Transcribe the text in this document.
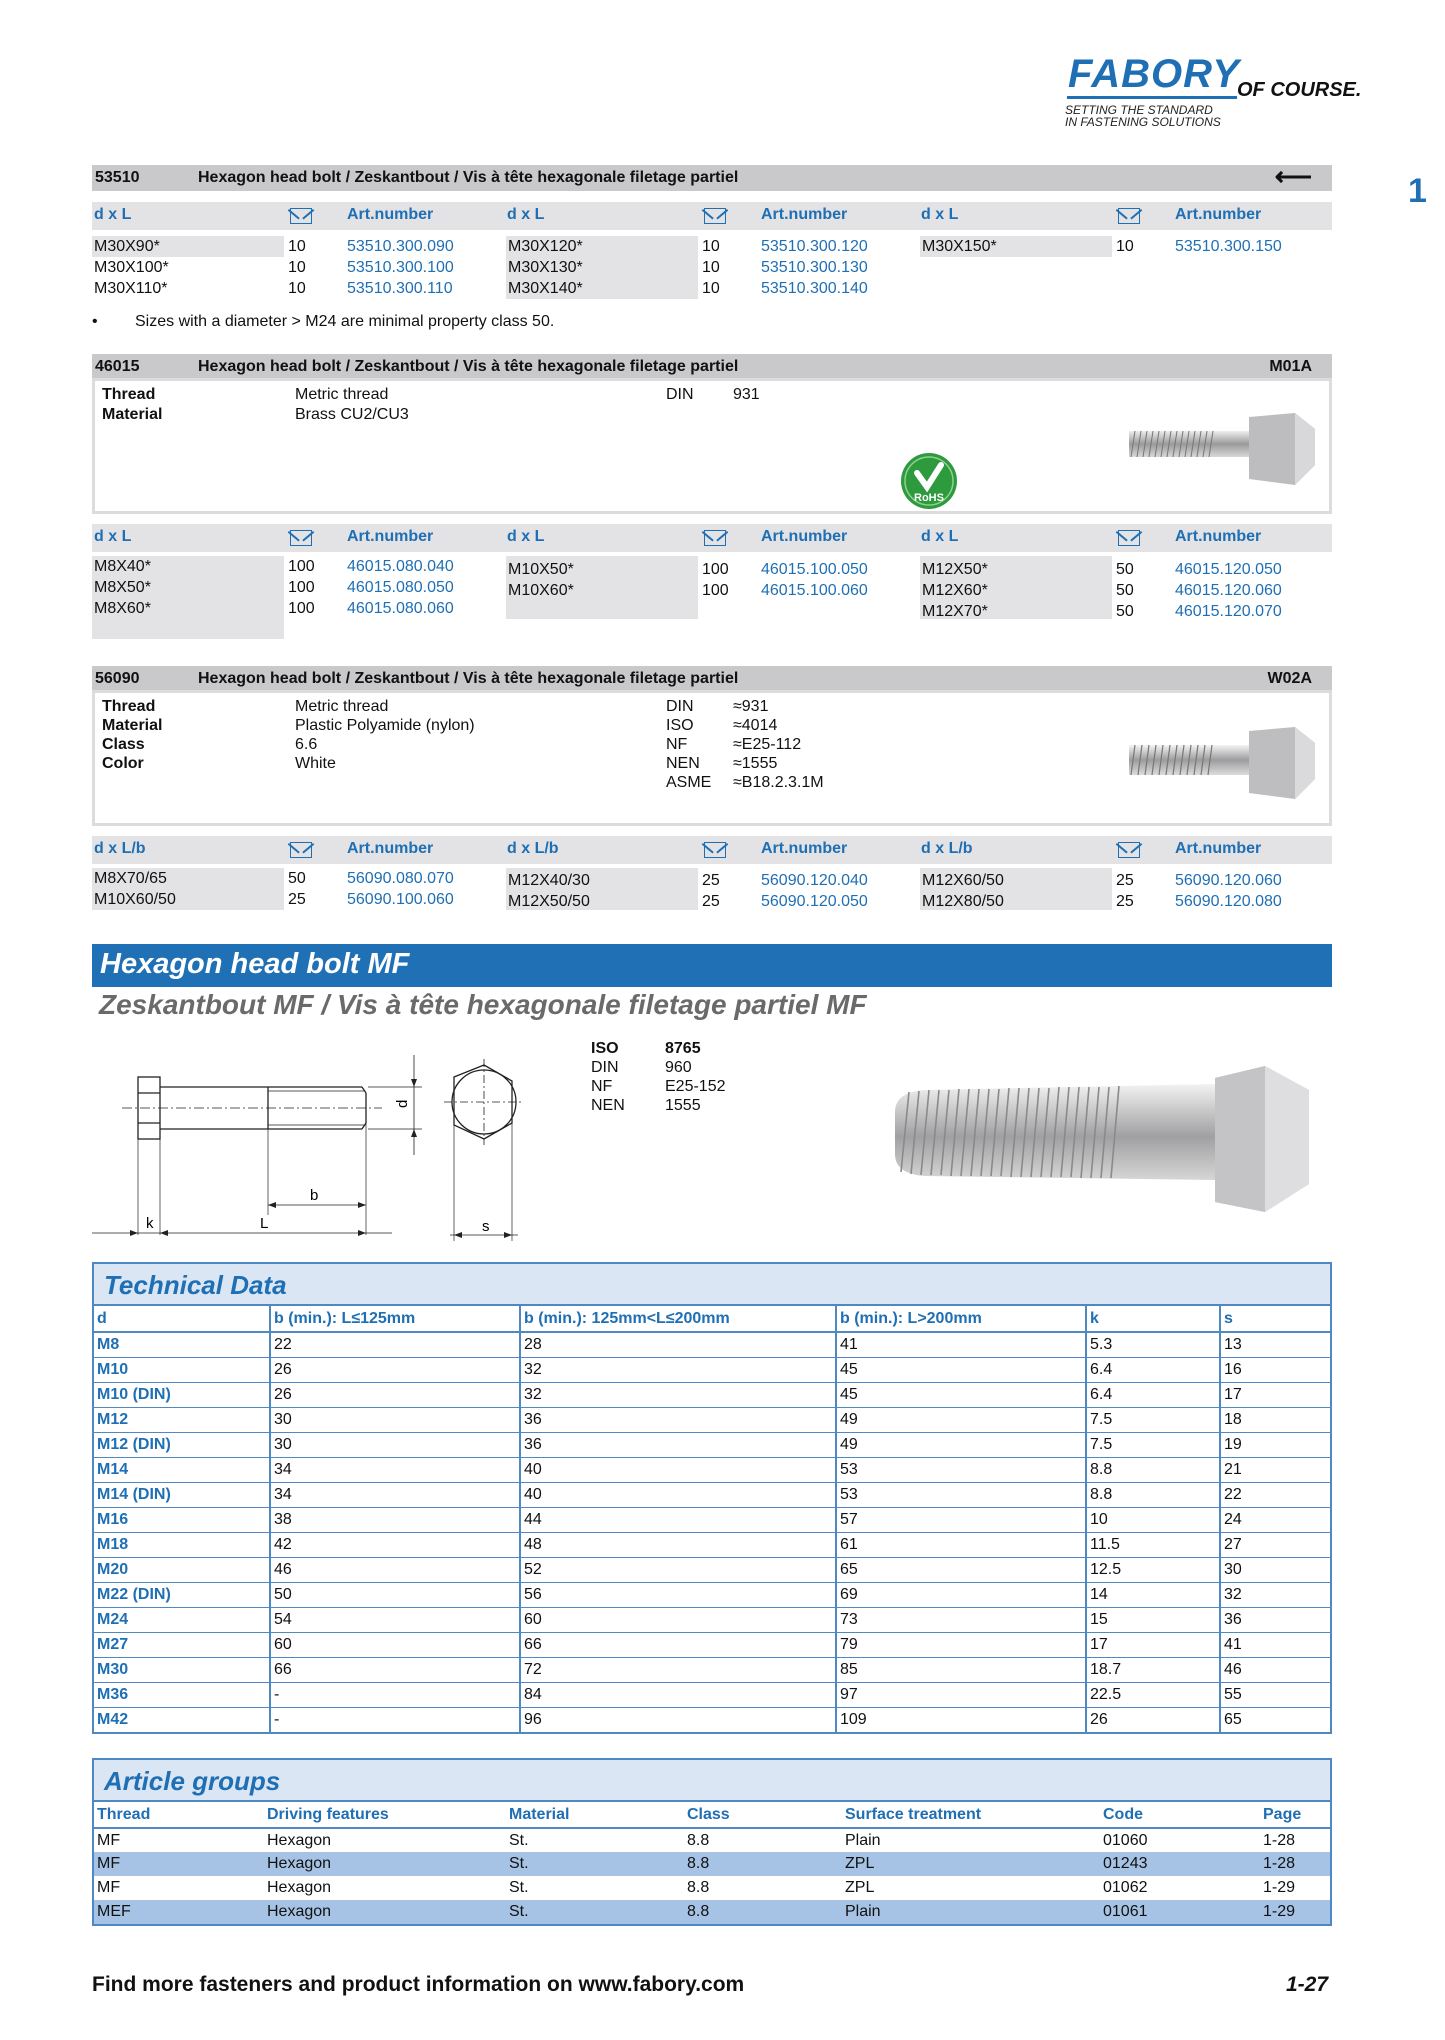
FABORY
OF COURSE.
SETTING THE STANDARD
IN FASTENING SOLUTIONS
1
53510	Hexagon head bolt / Zeskantbout / Vis à tête hexagonale filetage partiel	⟵
d x L	Art.number	d x L	Art.number	d x L	Art.number
M30X90*	10	53510.300.090
M30X100*	10	53510.300.100
M30X110*	10	53510.300.110
M30X120*	10	53510.300.120
M30X130*	10	53510.300.130
M30X140*	10	53510.300.140
M30X150*	10	53510.300.150
• Sizes with a diameter > M24 are minimal property class 50.
46015	Hexagon head bolt / Zeskantbout / Vis à tête hexagonale filetage partiel	M01A
Thread	Metric thread
Material	Brass CU2/CU3
DIN 931
RoHS
d x L	Art.number	d x L	Art.number	d x L	Art.number
M8X40*	100 46015.080.040
M8X50*	100 46015.080.050
M8X60*	100 46015.080.060
M10X50*	100 46015.100.050
M10X60*	100 46015.100.060
M12X50*	50	46015.120.050
M12X60*	50	46015.120.060
M12X70*	50	46015.120.070
56090	Hexagon head bolt / Zeskantbout / Vis à tête hexagonale filetage partiel	W02A
Thread	Metric thread
Material	Plastic Polyamide (nylon)
Class	6.6
Color	White
DIN ≈931
ISO ≈4014
NF	≈E25-112
NEN ≈1555
ASME ≈B18.2.3.1M
d x L/b	Art.number	d x L/b	Art.number	d x L/b	Art.number
M8X70/65	50	56090.080.070
M10X60/50	25	56090.100.060
M12X40/30	25	56090.120.040
M12X50/50	25	56090.120.050
M12X60/50	25	56090.120.060
M12X80/50	25	56090.120.080
Hexagon head bolt MF
Zeskantbout MF / Vis à tête hexagonale filetage partiel MF
b
k	L
d
s
ISO	8765
DIN	960
NF	E25-152
NEN	1555
Technical Data
d	b (min.): L≤125mm	b (min.): 125mm<L≤200mm	b (min.): L>200mm	k	s
M8	22	28	41	5.3	13
M10	26	32	45	6.4	16
M10 (DIN)	26	32	45	6.4	17
M12	30	36	49	7.5	18
M12 (DIN)	30	36	49	7.5	19
M14	34	40	53	8.8	21
M14 (DIN)	34	40	53	8.8	22
M16	38	44	57	10	24
M18	42	48	61	11.5	27
M20	46	52	65	12.5	30
M22 (DIN)	50	56	69	14	32
M24	54	60	73	15	36
M27	60	66	79	17	41
M30	66	72	85	18.7	46
M36	-	84	97	22.5	55
M42	-	96	109	26	65
Article groups
Thread	Driving features	Material	Class	Surface treatment	Code	Page
MF	Hexagon	St.	8.8	Plain	01060	1-28
MF	Hexagon	St.	8.8	ZPL	01243	1-28
MF	Hexagon	St.	8.8	ZPL	01062	1-29
MEF	Hexagon	St.	8.8	Plain	01061	1-29
Find more fasteners and product information on www.fabory.com	1-27
